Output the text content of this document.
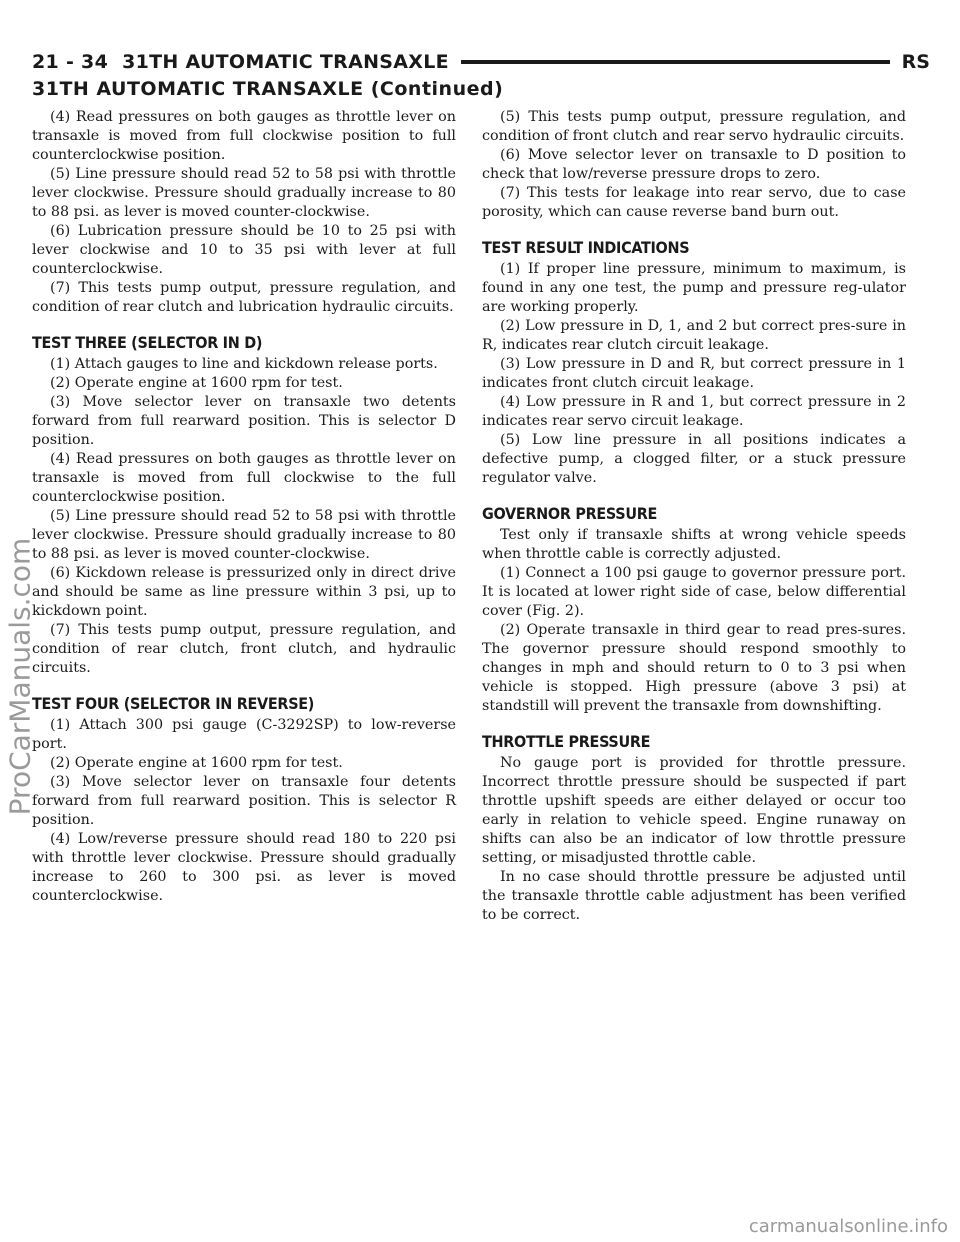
21 - 34 31TH AUTOMATIC TRANSAXLE	RS
31TH AUTOMATIC TRANSAXLE (Continued)

(4) Read pressures on both gauges as throttle lever on transaxle is moved from full clockwise position to full counterclockwise position.

(5) Line pressure should read 52 to 58 psi with throttle lever clockwise. Pressure should gradually increase to 80 to 88 psi. as lever is moved counter-clockwise.

(6) Lubrication pressure should be 10 to 25 psi with lever clockwise and 10 to 35 psi with lever at full counterclockwise.

(7) This tests pump output, pressure regulation, and condition of rear clutch and lubrication hydraulic circuits.

TEST THREE (SELECTOR IN D)

(1) Attach gauges to line and kickdown release ports.

(2) Operate engine at 1600 rpm for test.

(3) Move selector lever on transaxle two detents forward from full rearward position. This is selector D position.

(4) Read pressures on both gauges as throttle lever on transaxle is moved from full clockwise to the full counterclockwise position.

(5) Line pressure should read 52 to 58 psi with throttle lever clockwise. Pressure should gradually increase to 80 to 88 psi. as lever is moved counter-clockwise.

(6) Kickdown release is pressurized only in direct drive and should be same as line pressure within 3 psi, up to kickdown point.

(7) This tests pump output, pressure regulation, and condition of rear clutch, front clutch, and hydraulic circuits.

TEST FOUR (SELECTOR IN REVERSE)

(1) Attach 300 psi gauge (C-3292SP) to low-reverse port.

(2) Operate engine at 1600 rpm for test.

(3) Move selector lever on transaxle four detents forward from full rearward position. This is selector R position.

(4) Low/reverse pressure should read 180 to 220 psi with throttle lever clockwise. Pressure should gradually increase to 260 to 300 psi. as lever is moved counterclockwise.

(5) This tests pump output, pressure regulation, and condition of front clutch and rear servo hydraulic circuits.

(6) Move selector lever on transaxle to D position to check that low/reverse pressure drops to zero.

(7) This tests for leakage into rear servo, due to case porosity, which can cause reverse band burn out.

TEST RESULT INDICATIONS

(1) If proper line pressure, minimum to maximum, is found in any one test, the pump and pressure reg-ulator are working properly.

(2) Low pressure in D, 1, and 2 but correct pres-sure in R, indicates rear clutch circuit leakage.

(3) Low pressure in D and R, but correct pressure in 1 indicates front clutch circuit leakage.

(4) Low pressure in R and 1, but correct pressure in 2 indicates rear servo circuit leakage.

(5) Low line pressure in all positions indicates a defective pump, a clogged filter, or a stuck pressure regulator valve.

GOVERNOR PRESSURE

Test only if transaxle shifts at wrong vehicle speeds when throttle cable is correctly adjusted.

(1) Connect a 100 psi gauge to governor pressure port. It is located at lower right side of case, below differential cover (Fig. 2).

(2) Operate transaxle in third gear to read pres-sures. The governor pressure should respond smoothly to changes in mph and should return to 0 to 3 psi when vehicle is stopped. High pressure (above 3 psi) at standstill will prevent the transaxle from downshifting.

THROTTLE PRESSURE

No gauge port is provided for throttle pressure. Incorrect throttle pressure should be suspected if part throttle upshift speeds are either delayed or occur too early in relation to vehicle speed. Engine runaway on shifts can also be an indicator of low throttle pressure setting, or misadjusted throttle cable.

In no case should throttle pressure be adjusted until the transaxle throttle cable adjustment has been verified to be correct.

ProCarManuals.com
carmanualsonline.info
